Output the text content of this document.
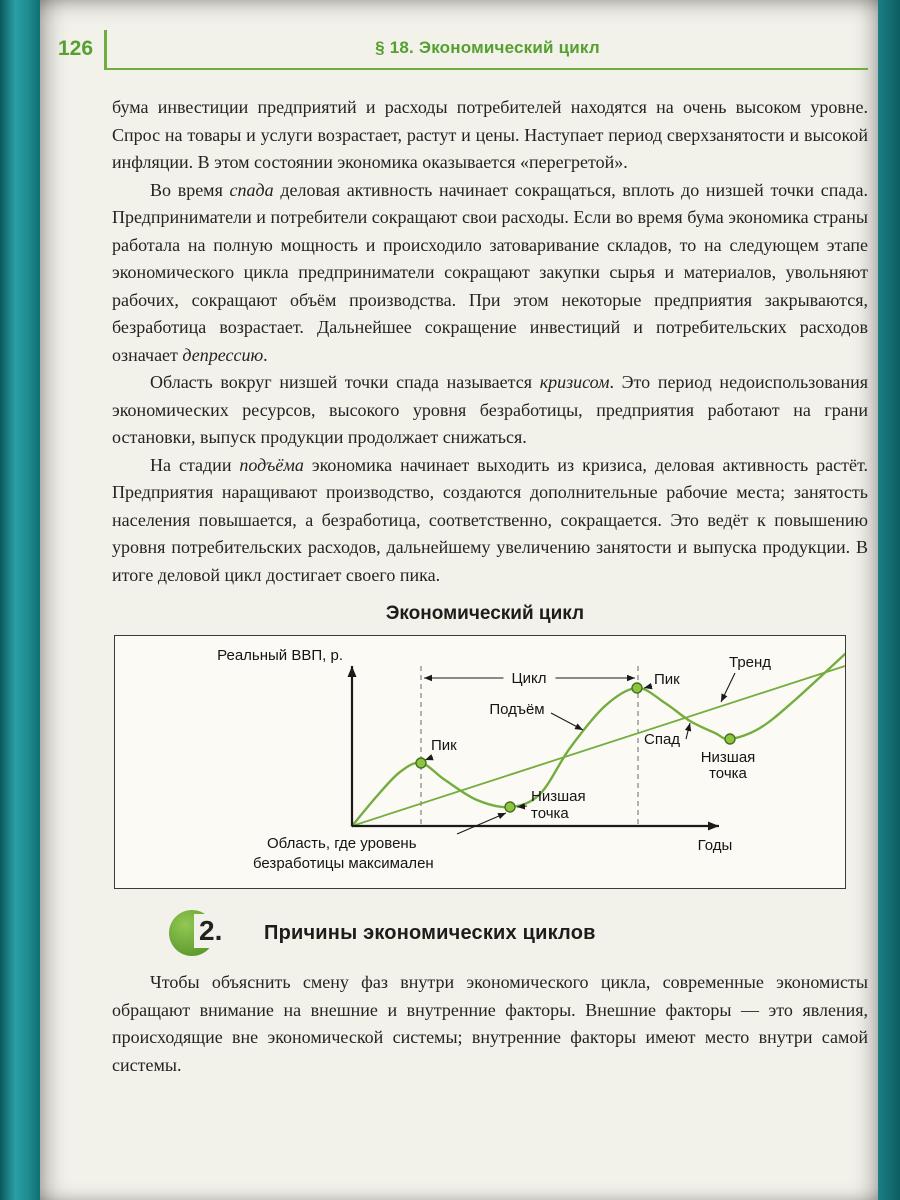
126	§ 18. Экономический цикл

бума инвестиции предприятий и расходы потребителей находятся на очень высоком уровне. Спрос на товары и услуги возрастает, растут и цены. Наступает период сверхзанятости и высокой инфляции. В этом состоянии экономика оказывается «перегретой».

Во время спада деловая активность начинает сокращаться, вплоть до низшей точки спада. Предприниматели и потребители сокращают свои расходы. Если во время бума экономика страны работала на полную мощность и происходило затоваривание складов, то на следующем этапе экономического цикла предприниматели сокращают закупки сырья и материалов, увольняют рабочих, сокращают объём производства. При этом некоторые предприятия закрываются, безработица возрастает. Дальнейшее сокращение инвестиций и потребительских расходов означает депрессию.

Область вокруг низшей точки спада называется кризисом. Это период недоиспользования экономических ресурсов, высокого уровня безработицы, предприятия работают на грани остановки, выпуск продукции продолжает снижаться.

На стадии подъёма экономика начинает выходить из кризиса, деловая активность растёт. Предприятия наращивают производство, создаются дополнительные рабочие места; занятость населения повышается, а безработица, соответственно, сокращается. Это ведёт к повышению уровня потребительских расходов, дальнейшему увеличению занятости и выпуска продукции. В итоге деловой цикл достигает своего пика.

Экономический цикл
Реальный ВВП, р.
Годы
Цикл
Пик
Пик
Тренд
Подъём
Спад
Низшая
точка
Низшая
точка
Область, где уровень
безработицы максимален
2. Причины экономических циклов

Чтобы объяснить смену фаз внутри экономического цикла, современные экономисты обращают внимание на внешние и внутренние факторы. Внешние факторы — это явления, происходящие вне экономической системы; внутренние факторы имеют место внутри самой системы.
